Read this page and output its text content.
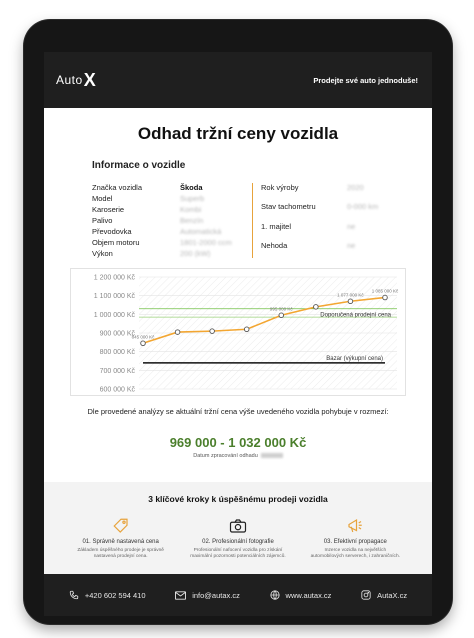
Auto X	Prodejte své auto jednoduše!
Odhad tržní ceny vozidla
Informace o vozidle
Značka vozidla	Škoda
Model	Superb
Karoserie	Kombi
Palivo	Benzín
Převodovka	Automatická
Objem motoru	1801-2000 ccm
Výkon	200 (kW)
Rok výroby	2020
Stav tachometru	0-000 km
1. majitel	ne
Nehoda	ne
600 000 Kč
700 000 Kč
800 000 Kč
900 000 Kč
1 000 000 Kč
1 100 000 Kč
1 200 000 Kč
Doporučená prodejní cena
Bazar (výkupní cena)
845 000 Kč
995 000 Kč
1 077 000 Kč
1 085 000 Kč
Dle provedené analýzy se aktuální tržní cena výše uvedeného vozidla pohybuje v rozmezí:
969 000 - 1 032 000 Kč
Datum zpracování odhadu
3 klíčové kroky k úspěšnému prodeji vozidla
01. Správně nastavená cena
Základem úspěšného prodeje je správně nastavená prodejní cena.
02. Profesionální fotografie
Profesionální nafocení vozidla pro získání maximální pozornosti potenciálních zájemců.
03. Efektivní propagace
Inzerce vozidla na největších automobilových serverech, i zahraničních.
+420 602 594 410	info@autax.cz	www.autax.cz	AutaX.cz
